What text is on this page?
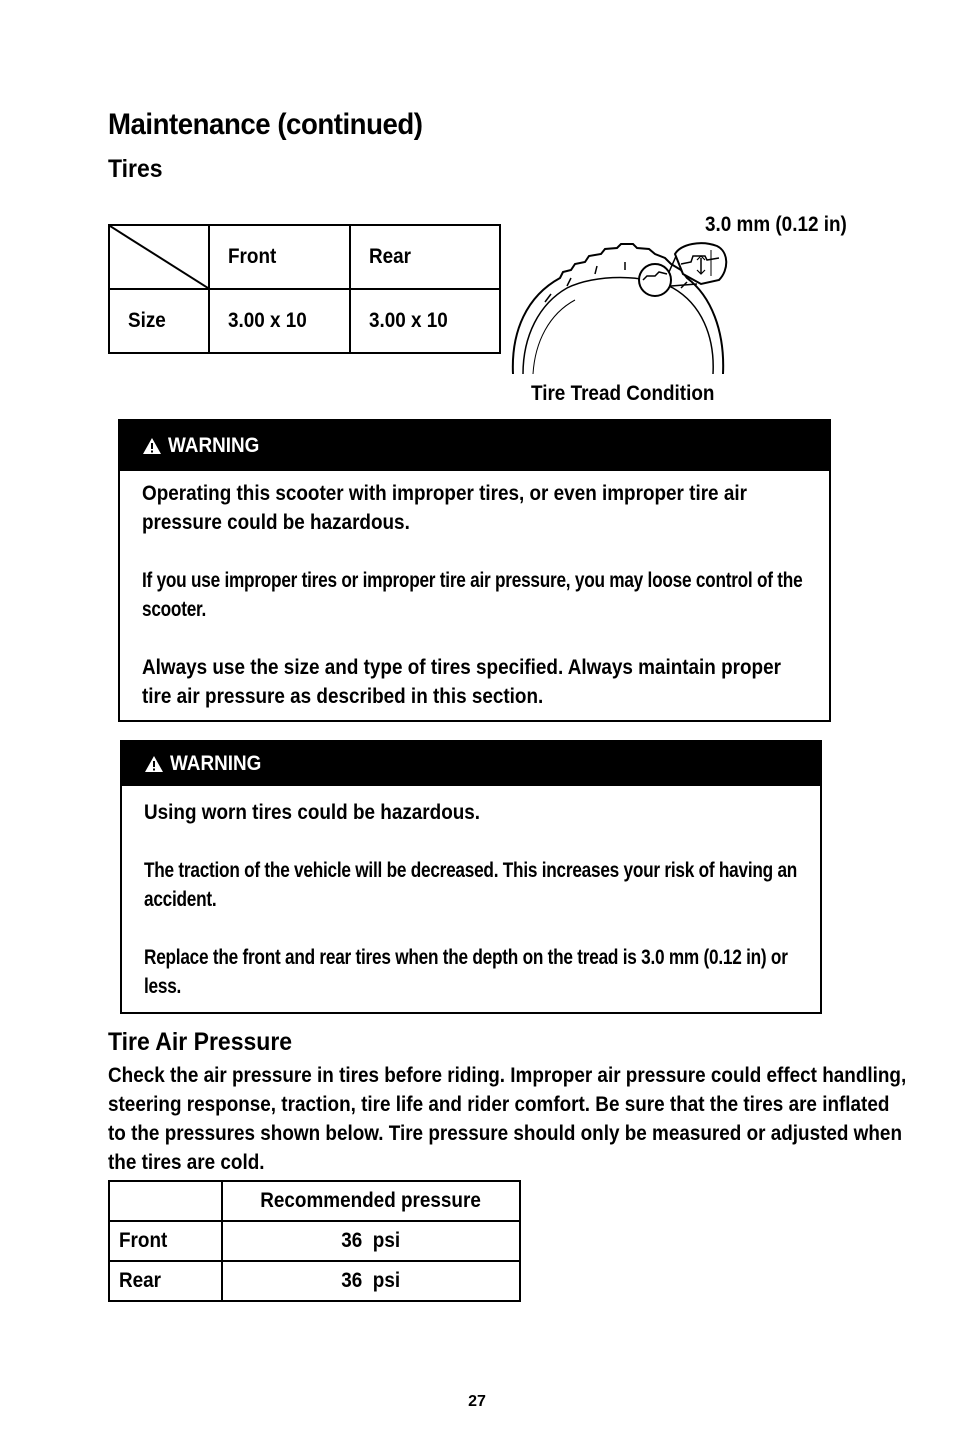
Maintenance (continued)
Tires
	Front	Rear
Size	3.00 x 10	3.00 x 10
3.0 mm (0.12 in)
Tire Tread Condition
WARNING

Operating this scooter with improper tires, or even improper tire air pressure could be hazardous.

If you use improper tires or improper tire air pressure, you may loose control of the scooter.

Always use the size and type of tires specified. Always maintain proper tire air pressure as described in this section.

WARNING

Using worn tires could be hazardous.

The traction of the vehicle will be decreased. This increases your risk of having an accident.

Replace the front and rear tires when the depth on the tread is 3.0 mm (0.12 in) or less.

Tire Air Pressure
Check the air pressure in tires before riding. Improper air pressure could effect handling, steering response, traction, tire life and rider comfort. Be sure that the tires are inflated to the pressures shown below. Tire pressure should only be measured or adjusted when the tires are cold.
	Recommended pressure
Front	36  psi
Rear	36  psi
27
